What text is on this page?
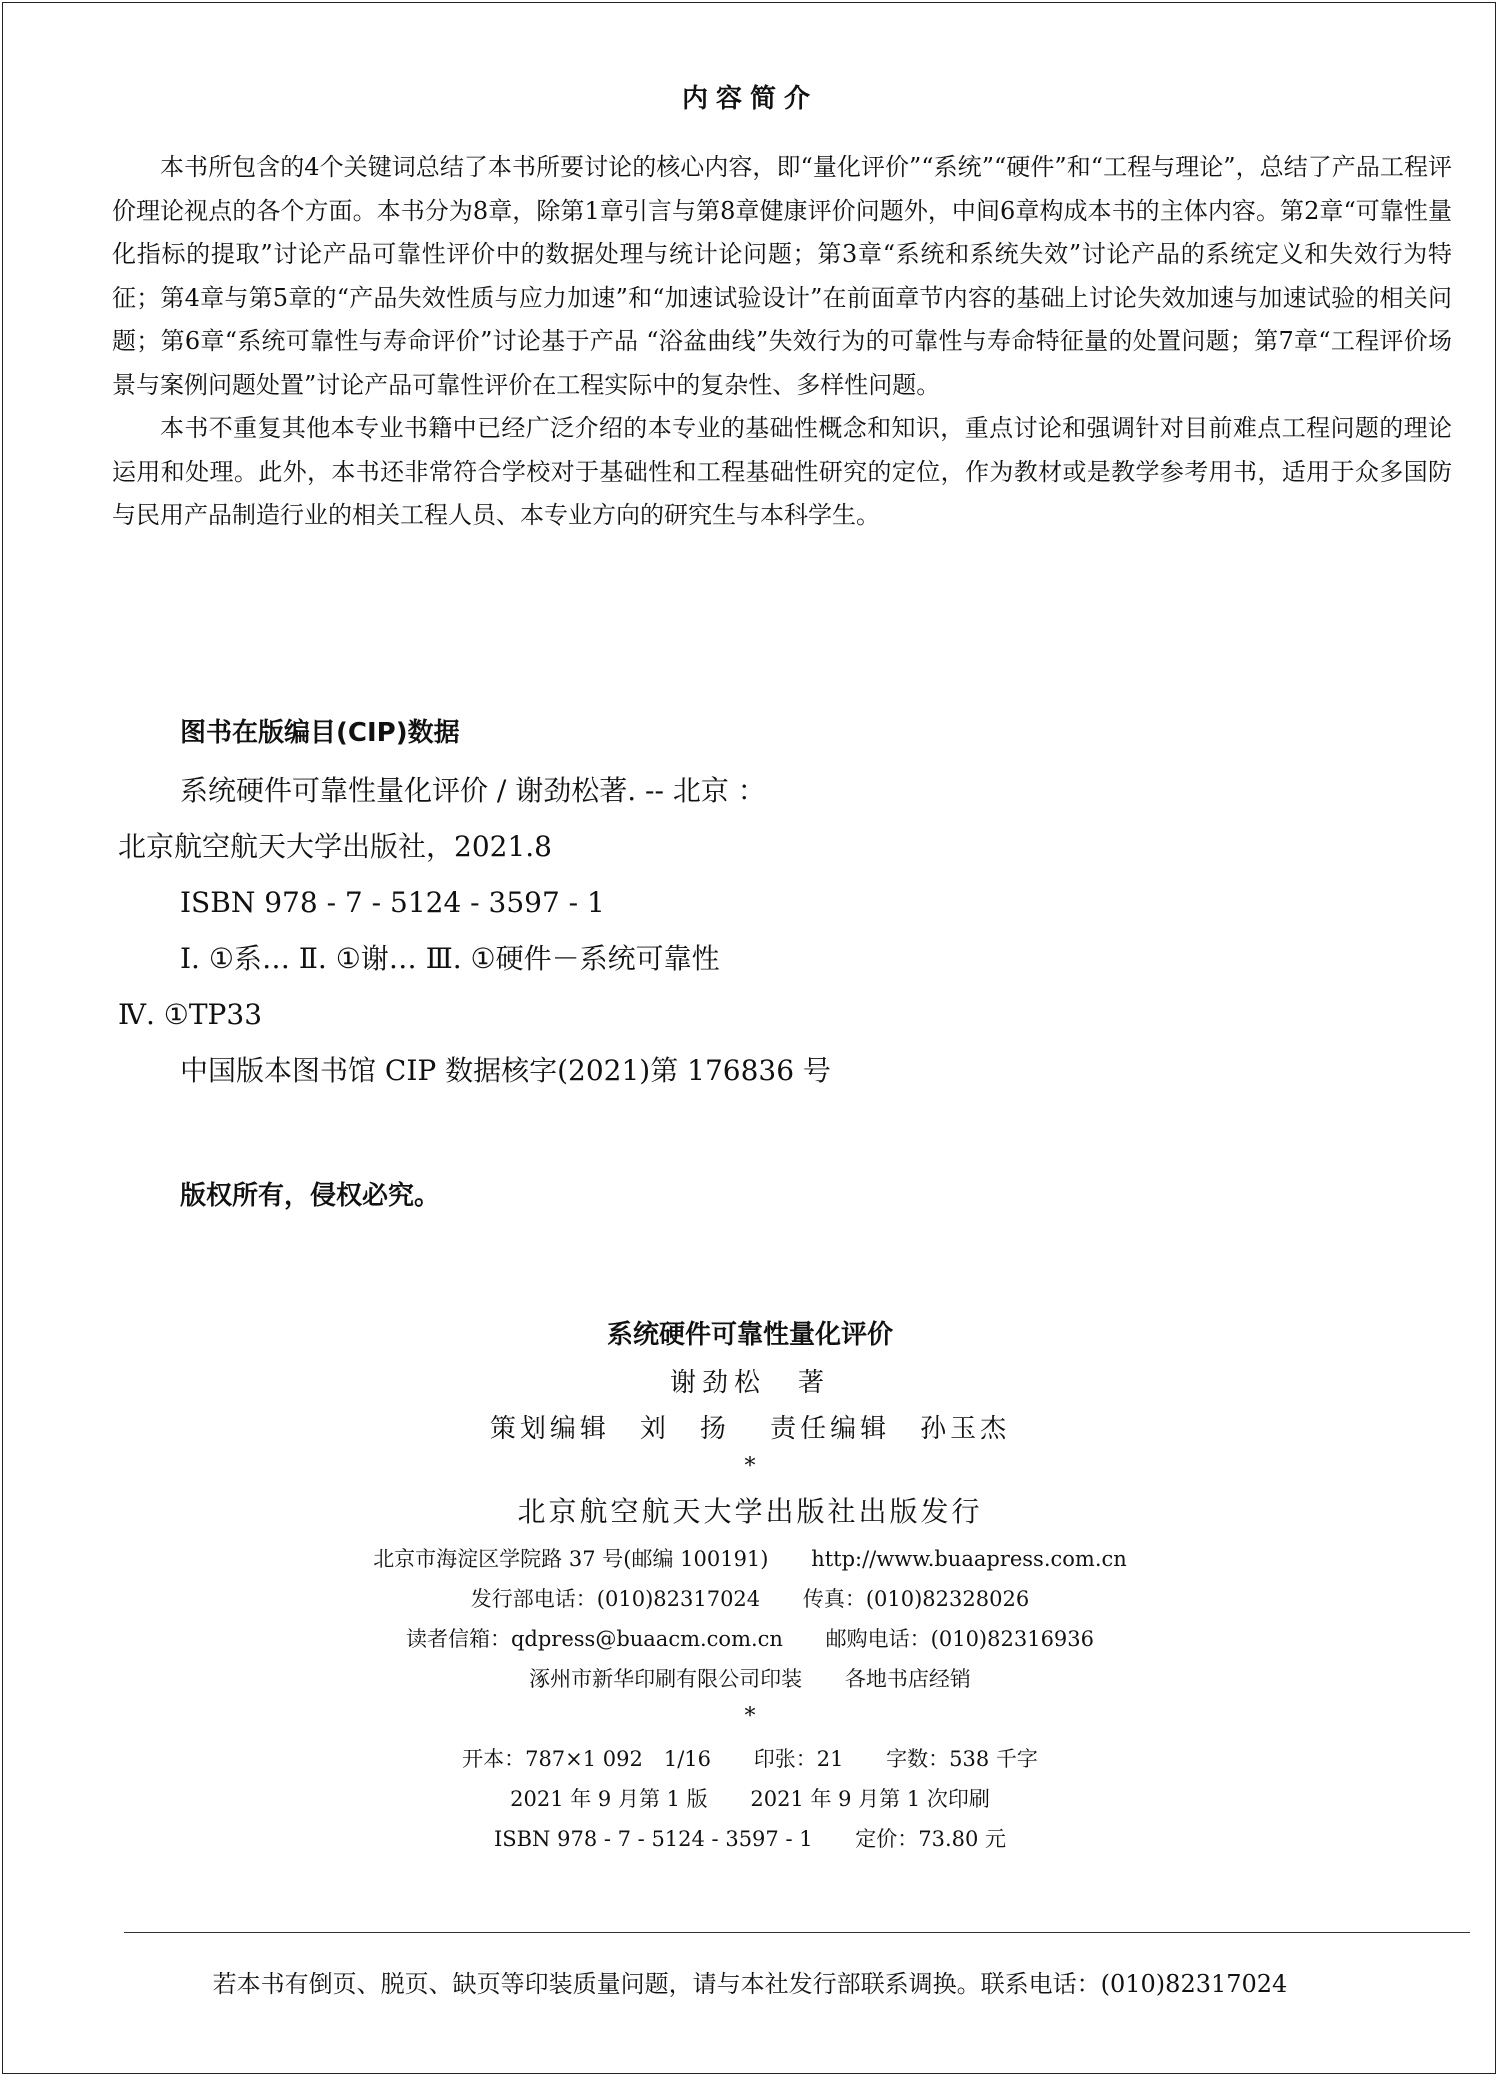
内容简介

本书所包含的4个关键词总结了本书所要讨论的核心内容，即“量化评价”“系统”“硬件”和“工程与理论”，总结了产品工程评价理论视点的各个方面。本书分为8章，除第1章引言与第8章健康评价问题外，中间6章构成本书的主体内容。第2章“可靠性量化指标的提取”讨论产品可靠性评价中的数据处理与统计论问题；第3章“系统和系统失效”讨论产品的系统定义和失效行为特征；第4章与第5章的“产品失效性质与应力加速”和“加速试验设计”在前面章节内容的基础上讨论失效加速与加速试验的相关问题；第6章“系统可靠性与寿命评价”讨论基于产品 “浴盆曲线”失效行为的可靠性与寿命特征量的处置问题；第7章“工程评价场景与案例问题处置”讨论产品可靠性评价在工程实际中的复杂性、多样性问题。

本书不重复其他本专业书籍中已经广泛介绍的本专业的基础性概念和知识，重点讨论和强调针对目前难点工程问题的理论运用和处理。此外，本书还非常符合学校对于基础性和工程基础性研究的定位，作为教材或是教学参考用书，适用于众多国防与民用产品制造行业的相关工程人员、本专业方向的研究生与本科学生。

图书在版编目(CIP)数据
系统硬件可靠性量化评价 / 谢劲松著. -- 北京 ：
北京航空航天大学出版社，2021.8
ISBN 978 - 7 - 5124 - 3597 - 1
Ⅰ. ①系… Ⅱ. ①谢… Ⅲ. ①硬件－系统可靠性
Ⅳ. ①TP33
中国版本图书馆 CIP 数据核字(2021)第 176836 号
版权所有，侵权必究。
系统硬件可靠性量化评价
谢劲松　著
策划编辑　刘　扬 责任编辑　孙玉杰
*
北京航空航天大学出版社出版发行
北京市海淀区学院路 37 号(邮编 100191) http://www.buaapress.com.cn
发行部电话：(010)82317024 传真：(010)82328026
读者信箱：qdpress@buaacm.com.cn 邮购电话：(010)82316936
涿州市新华印刷有限公司印装 各地书店经销
*
开本：787×1 092　1/16 印张：21 字数：538 千字
2021 年 9 月第 1 版 2021 年 9 月第 1 次印刷
ISBN 978 - 7 - 5124 - 3597 - 1 定价：73.80 元
若本书有倒页、脱页、缺页等印装质量问题，请与本社发行部联系调换。联系电话：(010)82317024
